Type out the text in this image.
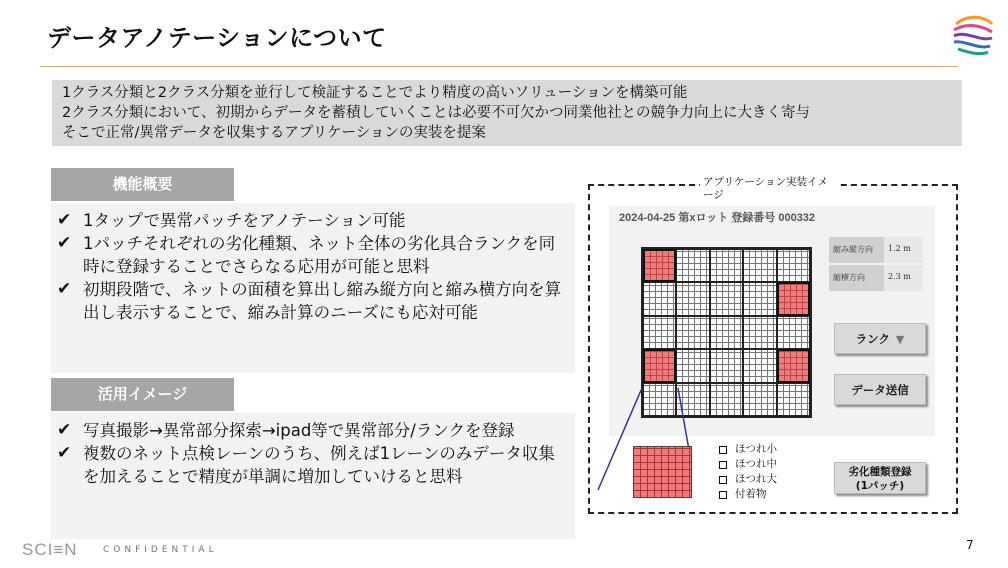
データアノテーションについて
1クラス分類と2クラス分類を並行して検証することでより精度の高いソリューションを構築可能
2クラス分類において、初期からデータを蓄積していくことは必要不可欠かつ同業他社との競争力向上に大きく寄与
そこで正常/異常データを収集するアプリケーションの実装を提案
機能概要
✔ 1タップで異常パッチをアノテーション可能
✔ 1パッチそれぞれの劣化種類、ネット全体の劣化具合ランクを同時に登録することでさらなる応用が可能と思料
✔ 初期段階で、ネットの面積を算出し縮み縦方向と縮み横方向を算出し表示することで、縮み計算のニーズにも応対可能
活用イメージ
✔ 写真撮影→異常部分探索→ipad等で異常部分/ランクを登録
✔ 複数のネット点検レーンのうち、例えば1レーンのみデータ収集を加えることで精度が単調に増加していけると思料
アプリケーション実装イメージ
2024-04-25 第xロット 登録番号 000332
縮み縦方向	1.2 m
縮横方向	2.3 m
ランク ▼
データ送信
劣化種類登録
(1パッチ)
ほつれ小
ほつれ中
ほつれ大
付着物
SCI≡N	CONFIDENTIAL	7
